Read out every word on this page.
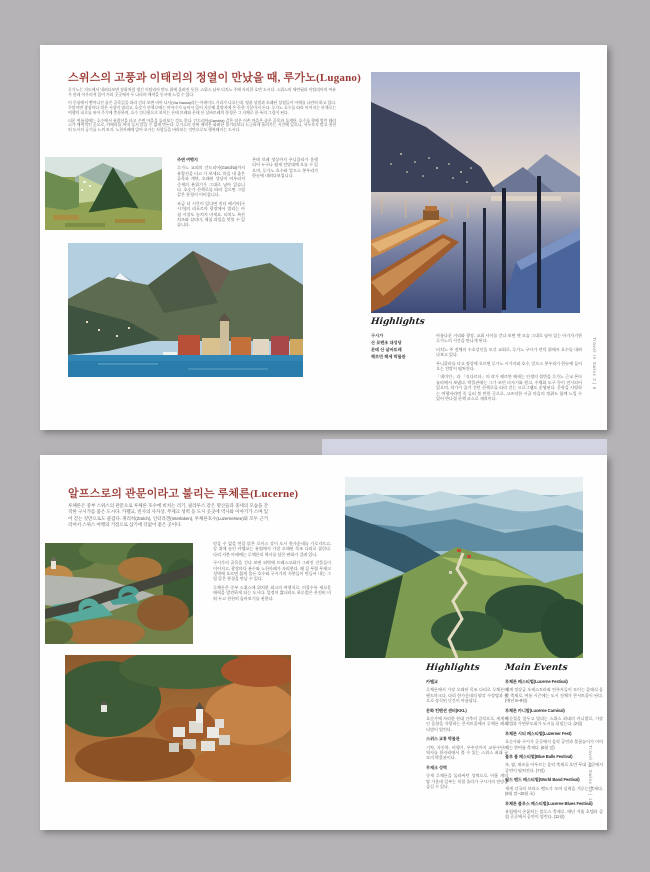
스위스의 고풍과 이태리의 정열이 만났을 때, 루가노(Lugano)

루가노는 지도에서 내려다보면 장화처럼 생긴 이탈리아 반도 위에 올려진 듯한, 스위스 남부 티치노 주에 자리한 호반 도시다. 스위스의 세련됨과 이탈리아의 여유가 한데 어우러져 있어 거리 곳곳에서 두 나라의 매력을 동시에 느낄 수 있다.

이 중심에서 뻗어나간 좁은 골목길을 따라 걷다 보면 비아 나사(Via Nassa)라는 아케이드 거리가 나오는데, 명품 상점과 오래된 상점들이 어깨를 나란히 하고 있다. 주말이면 광장마다 작은 시장이 열리고, 호숫가 산책로에는 야자수가 늘어서 있어 지중해 휴양지에 온 듯한 기분마저 든다. 루가노 호수를 따라 이어지는 산책로는 여행의 피로를 씻어 주기에 충분하며, 호수 건너편으로 보이는 몬테 브레와 몬테 산 살바토레의 풍경은 그 자체로 한 폭의 그림이 된다.

더운 여름철에는 호수에서 유람선을 타고 주변 마을을 둘러보는 것도 좋다. 간드리아(Gandria) 같은 작은 어촌 마을은 좁은 골목과 돌계단, 호수를 향해 열린 테라스가 매력적인 곳으로, 카메라를 꺼내 들지 않을 수 없게 만든다. 루가노의 진짜 매력은 화려한 볼거리보다 느긋하게 흘러가는 시간에 있으니, 서두르지 말고 천천히 도시의 공기를 느껴 보자. 노천카페에 앉아 오가는 사람들을 바라보는 것만으로도 행복해지는 도시다.

주변 여행지

루가노 교외의 간드리아(Gandria)까지 유람선을 타고 가 보세요. 마을 내 좁은 골목과 계단, 오래된 성당이 어우러져 중세의 분위기가 그대로 남아 있습니다. 호숫가 산책로를 따라 걸으면 그림 같은 풍경이 이어집니다.

조금 더 시간이 있다면 치타 베키아(구시가)의 리포르마 광장에서 열리는 아침 시장도 놓치지 마세요. 티치노 특산 치즈와 살라미, 제철 과일을 맛볼 수 있습니다.

몬테 브레 정상까지 푸니쿨라가 운행되어 누구나 쉽게 전망대에 오를 수 있으며, 루가노 호수와 알프스 봉우리가 한눈에 내려다보입니다.

Highlights
구시가
산 로렌조 대성당
몬테 산 살바토레
헤르만 헤세 박물관

아름다운 거리와 광장, 교회 사이를 걷다 보면 옛 모습 그대로 남아 있는 아기자기한 루가노의 시간을 만나게 된다.

티치노 주 전체의 수호성인을 모신 교회로, 루가노 구시가 언덕 위에서 호수를 내려다보고 있다.

푸니쿨라를 타고 정상에 오르면 루가노 시가지와 호수, 알프스 봉우리가 한눈에 들어오는 전망이 펼쳐진다.

「데미안」과 「싯다르타」의 작가 헤르만 헤세는 인생의 절반을 루가노 근교 몬타뇰라에서 보냈다. 박물관에는 그가 쓰던 타자기와 원고, 수채화 도구 등이 전시되어 있으며, 작가가 즐겨 걷던 산책로를 따라 걷는 프로그램도 운영된다. 문학을 사랑하는 여행자라면 꼭 들러 볼 만한 곳으로, 고즈넉한 시골 마을의 정취도 함께 느낄 수 있어 반나절 산책 코스로 제격이다.

Travel In Swiss 2 | 6
알프스로의 관문이라고 불리는 루체른(Lucerne)
루체른은 중부 스위스의 관문으로 루체른 호수에 비치는 리기, 필라투스 같은 명산들과 중세의 모습을 간직한 구시가를 품은 도시다. 카펠교, 빈사의 사자상, 무제크 성벽 등 도시 곳곳에 역사와 이야기가 스며 있어 걷는 것만으로도 즐겁다. 취리히(Zürich), 인터라켄(Interlaken), 루체른호수(Luzernersee)와 모두 근거리여서 스위스 여행의 거점으로 삼기에 더없이 좋은 곳이다.

믿을 수 없을 만큼 맑은 로이스 강이 도시 한가운데를 가로지르고, 강 위에 놓인 카펠교는 유럽에서 가장 오래된 목조 다리로 꼽힌다. 다리 지붕 아래에는 루체른의 역사를 담은 판화가 걸려 있다.

구시가의 골목을 걷다 보면 외벽에 프레스코화가 그려진 건물들이 이어지고, 광장마다 분수와 노천카페가 자리한다. 해 질 무렵 무제크 성벽에 오르면 붉게 물든 호수와 구시가의 지붕들이 만들어 내는 그림 같은 풍경을 만날 수 있다.

루체른은 중부 스위스에 위치한 최고의 여행지로, 머물수록 새로운 매력을 발견하게 되는 도시다. 일정이 짧더라도 하루쯤은 온전히 비워 두고 천천히 돌아보기를 권한다.

Highlights

카펠교

루체른에서 가장 오래된 목조 다리로 루체른의 랜드마크다. 다리 한가운데의 팔각 수상탑과 꽃으로 장식된 난간이 아름답다.

문화 컨벤션 센터(KKL)

호숫가에 자리한 현대 건축의 걸작으로, 세계적인 음향을 자랑하는 콘서트홀에서 루체른 페스티벌이 열린다.

스위스 교통 박물관

기차, 자동차, 비행기, 우주선까지 교통수단의 역사를 한자리에서 볼 수 있는 스위스 최대 규모의 박물관이다.

무제크 성벽

중세 루체른을 둘러싸던 성벽으로, 아홉 개의 탑 가운데 일부는 직접 올라가 구시가의 전망을 즐길 수 있다.

Main Events

루체른 페스티벌(Lucerne Festival)

세계 정상급 오케스트라와 연주자들이 모이는 클래식 음악 축제로, 여름 시즌에는 도시 전체가 콘서트홀이 된다. (매년 8~9월)

루체른 카니발(Lucerne Carnival)

사순절을 앞두고 열리는 스위스 최대의 카니발로, 가장행렬과 가면무도회가 도시를 뒤덮는다. (2월)

루체른 시티 페스티벌(Luzerner Fest)

호숫가와 구시가 곳곳에서 음악 공연과 불꽃놀이가 이어지는 한여름 축제다. (6월 말)

블루 볼 페스티벌(Blue Balls Festival)

록, 팝, 재즈를 아우르는 음악 축제로 호반 무대 곳곳에서 공연이 펼쳐진다. (7월)

월드 밴드 페스티벌(World Band Festival)

세계 각국의 브라스 밴드가 모여 실력을 겨루는 축제다. (9월 말~10월 초)

루체른 블루스 페스티벌(Lucerne Blues Festival)

유럽에서 손꼽히는 블루스 축제로, 매년 겨울 호텔과 클럽 곳곳에서 공연이 열린다. (11월)

Travel In Swiss 13 | 16
